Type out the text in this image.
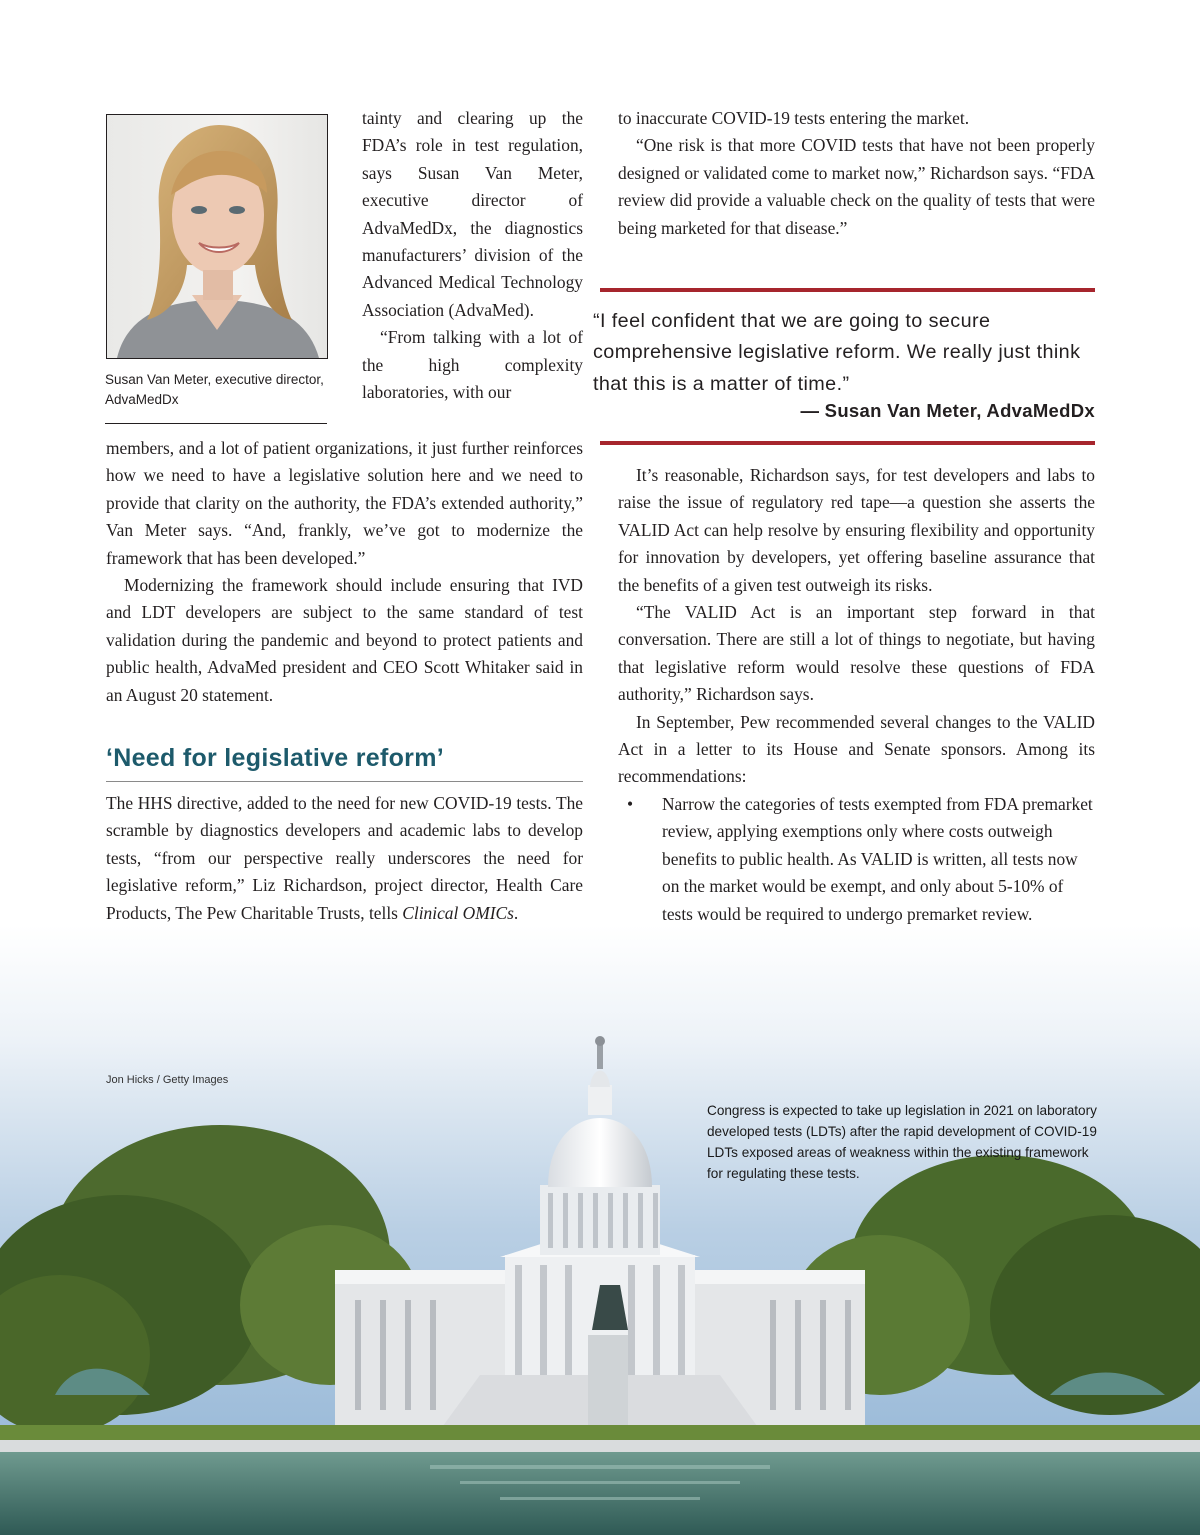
Susan Van Meter, executive director, AdvaMedDx

tainty and clearing up the FDA’s role in test regulation, says Susan Van Meter, executive director of AdvaMedDx, the diagnostics manufacturers’ division of the Advanced Medical Technology Association (AdvaMed).

“From talking with a lot of the high complexity laboratories, with our

members, and a lot of patient organizations, it just further reinforces how we need to have a legislative solution here and we need to provide that clarity on the authority, the FDA’s extended authority,” Van Meter says. “And, frankly, we’ve got to modernize the framework that has been developed.”

Modernizing the framework should include ensuring that IVD and LDT developers are subject to the same standard of test validation during the pandemic and beyond to protect patients and public health, AdvaMed president and CEO Scott Whitaker said in an August 20 statement.

‘Need for legislative reform’

The HHS directive, added to the need for new COVID-19 tests. The scramble by diagnostics developers and academic labs to develop tests, “from our perspective really underscores the need for legislative reform,” Liz Richardson, project director, Health Care Products, The Pew Charitable Trusts, tells Clinical OMICs.

to inaccurate COVID-19 tests entering the market.

“One risk is that more COVID tests that have not been properly designed or validated come to market now,” Richardson says. “FDA review did provide a valuable check on the quality of tests that were being marketed for that disease.”

“I feel confident that we are going to secure comprehensive legislative reform. We really just think that this is a matter of time.”
— Susan Van Meter, AdvaMedDx

It’s reasonable, Richardson says, for test developers and labs to raise the issue of regulatory red tape—a question she asserts the VALID Act can help resolve by ensuring flexibility and opportunity for innovation by developers, yet offering baseline assurance that the benefits of a given test outweigh its risks.

“The VALID Act is an important step forward in that conversation. There are still a lot of things to negotiate, but having that legislative reform would resolve these questions of FDA authority,” Richardson says.

In September, Pew recommended several changes to the VALID Act in a letter to its House and Senate sponsors. Among its recommendations:

• Narrow the categories of tests exempted from FDA premarket review, applying exemptions only where costs outweigh benefits to public health. As VALID is written, all tests now on the market would be exempt, and only about 5-10% of tests would be required to undergo premarket review.
Jon Hicks / Getty Images
Congress is expected to take up legislation in 2021 on laboratory developed tests (LDTs) after the rapid development of COVID-19 LDTs exposed areas of weakness within the existing framework for regulating these tests.
